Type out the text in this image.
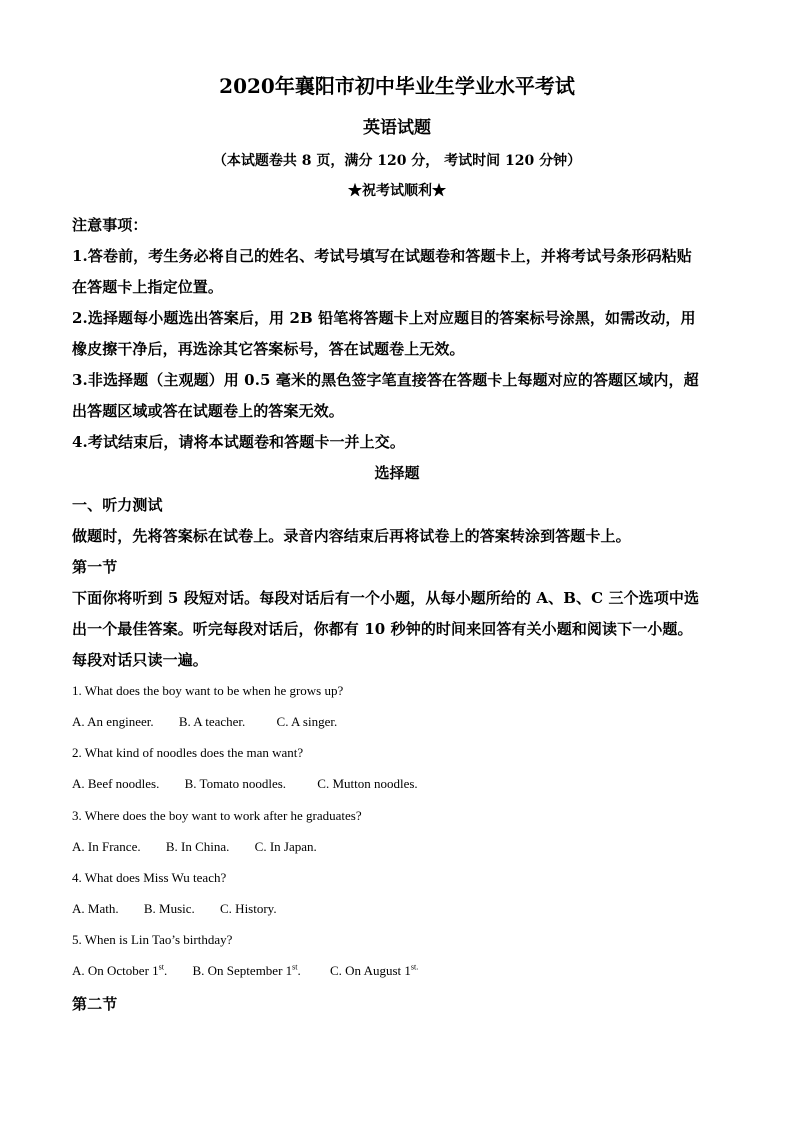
2020年襄阳市初中毕业生学业水平考试
英语试题
（本试题卷共 8 页，满分 120 分， 考试时间 120 分钟）
★祝考试顺利★
注意事项：
1.答卷前，考生务必将自己的姓名、考试号填写在试题卷和答题卡上，并将考试号条形码粘贴
在答题卡上指定位置。
2.选择题每小题选出答案后，用 2B 铅笔将答题卡上对应题目的答案标号涂黑，如需改动，用
橡皮擦干净后，再选涂其它答案标号，答在试题卷上无效。
3.非选择题（主观题）用 0.5 毫米的黑色签字笔直接答在答题卡上每题对应的答题区域内，超
出答题区域或答在试题卷上的答案无效。
4.考试结束后，请将本试题卷和答题卡一并上交。
选择题
一、听力测试
做题时，先将答案标在试卷上。录音内容结束后再将试卷上的答案转涂到答题卡上。
第一节
下面你将听到 5 段短对话。每段对话后有一个小题，从每小题所给的 A、B、C 三个选项中选
出一个最佳答案。听完每段对话后，你都有 10 秒钟的时间来回答有关小题和阅读下一小题。
每段对话只读一遍。
1. What does the boy want to be when he grows up?
A. An engineer. B. A teacher. C. A singer.
2. What kind of noodles does the man want?
A. Beef noodles. B. Tomato noodles. C. Mutton noodles.
3. Where does the boy want to work after he graduates?
A. In France. B. In China. C. In Japan.
4. What does Miss Wu teach?
A. Math. B. Music. C. History.
5. When is Lin Tao’s birthday?
A. On October 1st. B. On September 1st. C. On August $1^{st.}$
第二节
